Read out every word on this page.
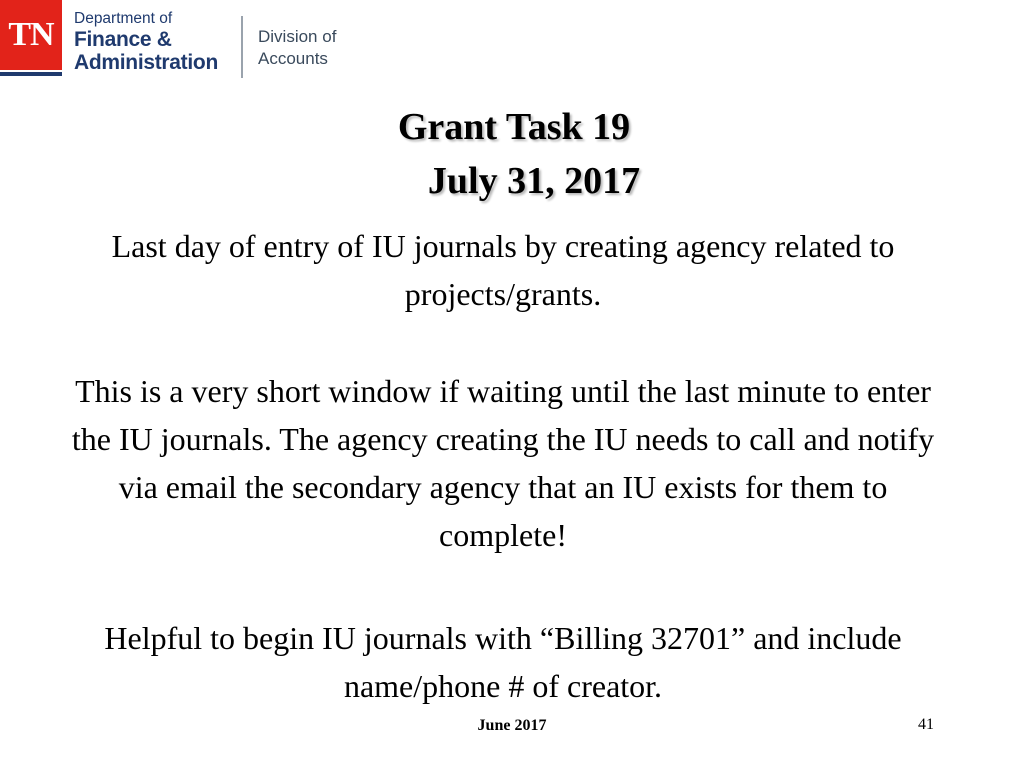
TN	Department of
Finance &
Administration
Division of
Accounts
Grant Task 19
July 31, 2017

Last day of entry of IU journals by creating agency related to projects/grants.

This is a very short window if waiting until the last minute to enter the IU journals. The agency creating the IU needs to call and notify via email the secondary agency that an IU exists for them to complete!

Helpful to begin IU journals with “Billing 32701” and include name/phone # of creator.

June 2017	41
